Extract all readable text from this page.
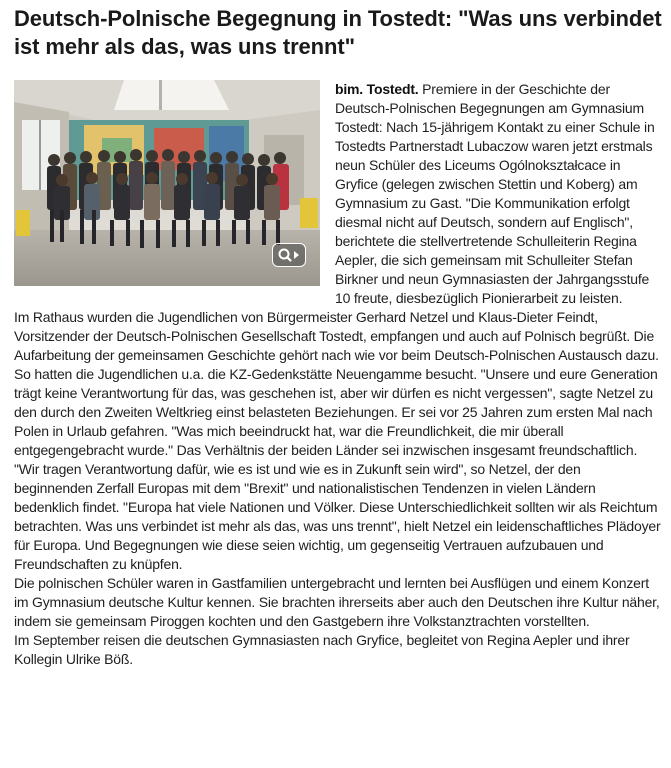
Deutsch-Polnische Begegnung in Tostedt: "Was uns verbindet ist mehr als das, was uns trennt"

bim. Tostedt. Premiere in der Geschichte der Deutsch-Polnischen Begegnungen am Gymnasium Tostedt: Nach 15-jährigem Kontakt zu einer Schule in Tostedts Partnerstadt Lubaczow waren jetzt erstmals neun Schüler des Liceums Ogólnokształcace in Gryfice (gelegen zwischen Stettin und Koberg) am Gymnasium zu Gast. "Die Kommunikation erfolgt diesmal nicht auf Deutsch, sondern auf Englisch", berichtete die stellvertretende Schulleiterin Regina Aepler, die sich gemeinsam mit Schulleiter Stefan Birkner und neun Gymnasiasten der Jahrgangsstufe 10 freute, diesbezüglich Pionierarbeit zu leisten.

Im Rathaus wurden die Jugendlichen von Bürgermeister Gerhard Netzel und Klaus-Dieter Feindt, Vorsitzender der Deutsch-Polnischen Gesellschaft Tostedt, empfangen und auch auf Polnisch begrüßt. Die Aufarbeitung der gemeinsamen Geschichte gehört nach wie vor beim Deutsch-Polnischen Austausch dazu. So hatten die Jugendlichen u.a. die KZ-Gedenkstätte Neuengamme besucht. "Unsere und eure Generation trägt keine Verantwortung für das, was geschehen ist, aber wir dürfen es nicht vergessen", sagte Netzel zu den durch den Zweiten Weltkrieg einst belasteten Beziehungen. Er sei vor 25 Jahren zum ersten Mal nach Polen in Urlaub gefahren. "Was mich beeindruckt hat, war die Freundlichkeit, die mir überall entgegengebracht wurde." Das Verhältnis der beiden Länder sei inzwischen insgesamt freundschaftlich. "Wir tragen Verantwortung dafür, wie es ist und wie es in Zukunft sein wird", so Netzel, der den beginnenden Zerfall Europas mit dem "Brexit" und nationalistischen Tendenzen in vielen Ländern bedenklich findet. "Europa hat viele Nationen und Völker. Diese Unterschiedlichkeit sollten wir als Reichtum betrachten. Was uns verbindet ist mehr als das, was uns trennt", hielt Netzel ein leidenschaftliches Plädoyer für Europa. Und Begegnungen wie diese seien wichtig, um gegenseitig Vertrauen aufzubauen und Freundschaften zu knüpfen.

Die polnischen Schüler waren in Gastfamilien untergebracht und lernten bei Ausflügen und einem Konzert im Gymnasium deutsche Kultur kennen. Sie brachten ihrerseits aber auch den Deutschen ihre Kultur näher, indem sie gemeinsam Piroggen kochten und den Gastgebern ihre Volkstanztrachten vorstellten.

Im September reisen die deutschen Gymnasiasten nach Gryfice, begleitet von Regina Aepler und ihrer Kollegin Ulrike Böß.
